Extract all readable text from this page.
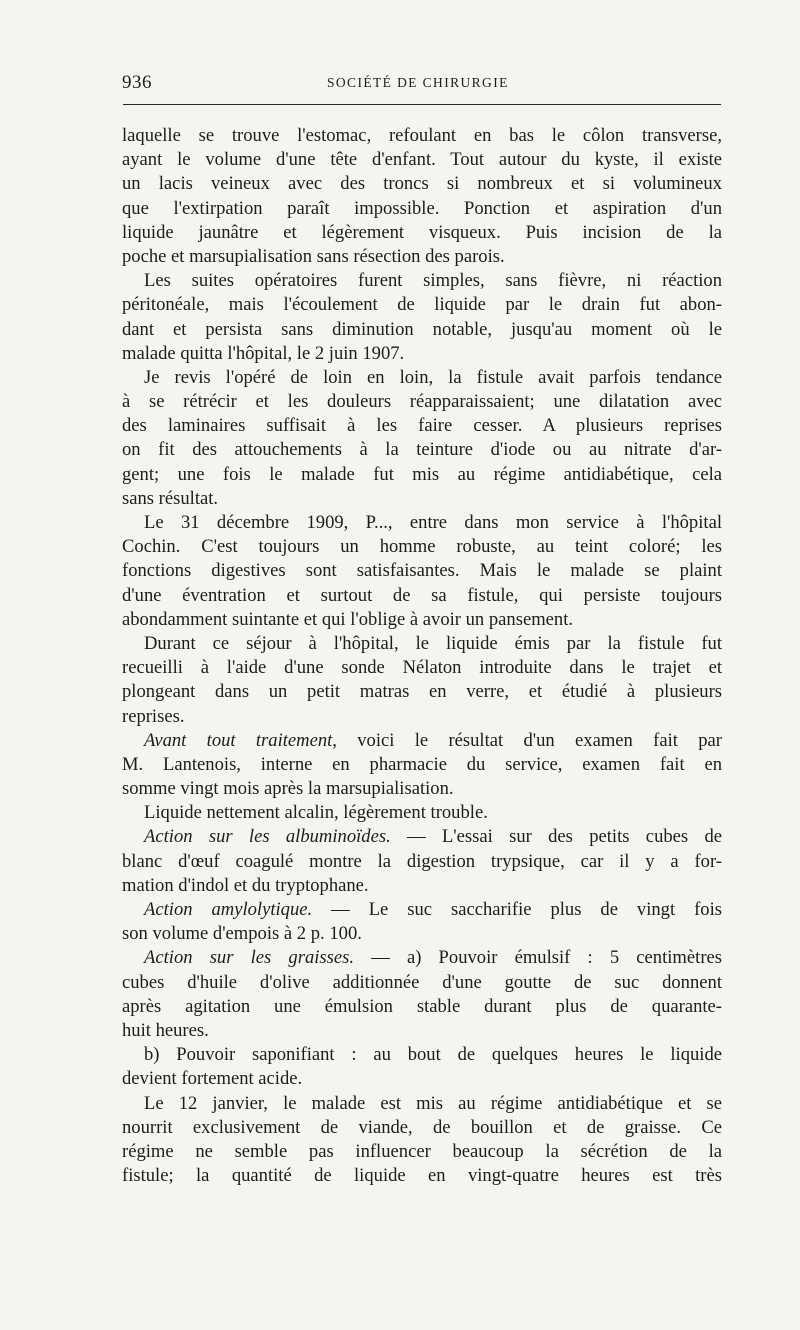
936	SOCIÉTÉ DE CHIRURGIE
laquelle se trouve l'estomac, refoulant en bas le côlon transverse,
ayant le volume d'une tête d'enfant. Tout autour du kyste, il existe
un lacis veineux avec des troncs si nombreux et si volumineux
que l'extirpation paraît impossible. Ponction et aspiration d'un
liquide jaunâtre et légèrement visqueux. Puis incision de la
poche et marsupialisation sans résection des parois.
Les suites opératoires furent simples, sans fièvre, ni réaction
péritonéale, mais l'écoulement de liquide par le drain fut abon-
dant et persista sans diminution notable, jusqu'au moment où le
malade quitta l'hôpital, le 2 juin 1907.
Je revis l'opéré de loin en loin, la fistule avait parfois tendance
à se rétrécir et les douleurs réapparaissaient; une dilatation avec
des laminaires suffisait à les faire cesser. A plusieurs reprises
on fit des attouchements à la teinture d'iode ou au nitrate d'ar-
gent; une fois le malade fut mis au régime antidiabétique, cela
sans résultat.
Le 31 décembre 1909, P..., entre dans mon service à l'hôpital
Cochin. C'est toujours un homme robuste, au teint coloré; les
fonctions digestives sont satisfaisantes. Mais le malade se plaint
d'une éventration et surtout de sa fistule, qui persiste toujours
abondamment suintante et qui l'oblige à avoir un pansement.
Durant ce séjour à l'hôpital, le liquide émis par la fistule fut
recueilli à l'aide d'une sonde Nélaton introduite dans le trajet et
plongeant dans un petit matras en verre, et étudié à plusieurs
reprises.
Avant tout traitement, voici le résultat d'un examen fait par
M. Lantenois, interne en pharmacie du service, examen fait en
somme vingt mois après la marsupialisation.
Liquide nettement alcalin, légèrement trouble.
Action sur les albuminoïdes. — L'essai sur des petits cubes de
blanc d'œuf coagulé montre la digestion trypsique, car il y a for-
mation d'indol et du tryptophane.
Action amylolytique. — Le suc saccharifie plus de vingt fois
son volume d'empois à 2 p. 100.
Action sur les graisses. — a) Pouvoir émulsif : 5 centimètres
cubes d'huile d'olive additionnée d'une goutte de suc donnent
après agitation une émulsion stable durant plus de quarante-
huit heures.
b) Pouvoir saponifiant : au bout de quelques heures le liquide
devient fortement acide.
Le 12 janvier, le malade est mis au régime antidiabétique et se
nourrit exclusivement de viande, de bouillon et de graisse. Ce
régime ne semble pas influencer beaucoup la sécrétion de la
fistule; la quantité de liquide en vingt-quatre heures est très
